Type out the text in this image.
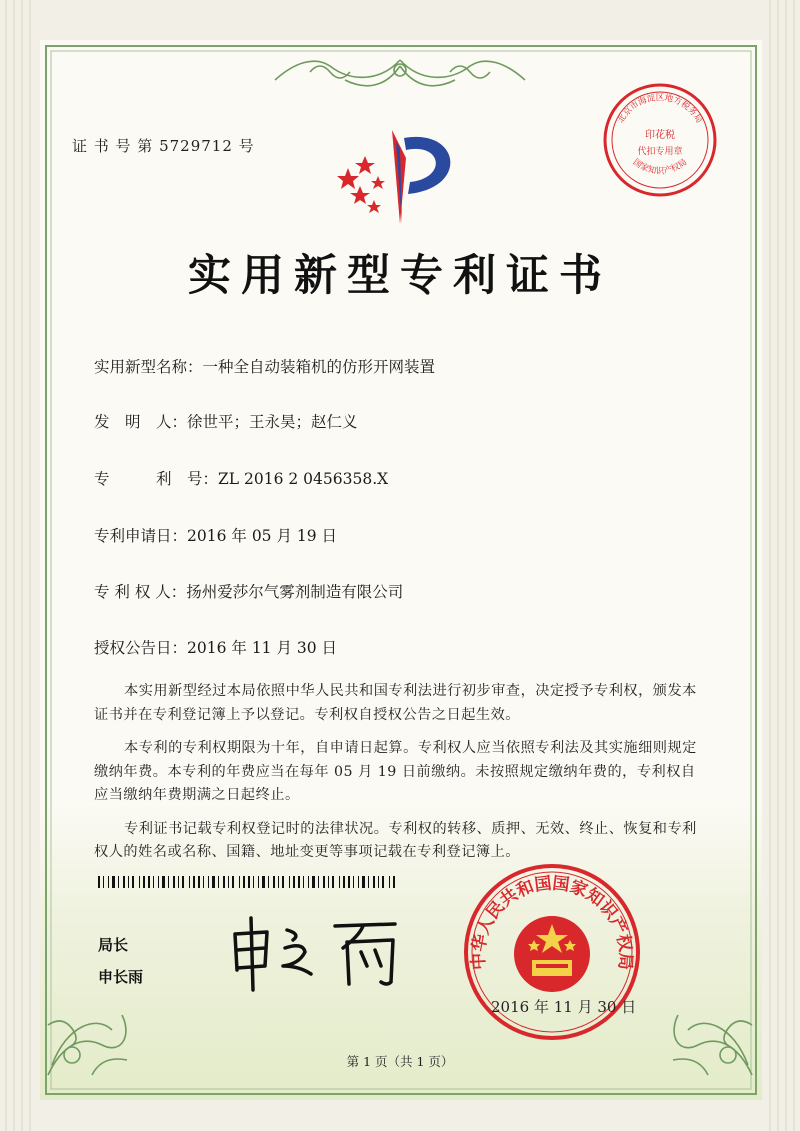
证 书 号 第 5729712 号
北京市海淀区地方税务局
印花税
代扣专用章
国家知识产权局
实用新型专利证书
实用新型名称：一种全自动装箱机的仿形开网装置
发　明　人：徐世平；王永昊；赵仁义
专　　　利　号：ZL 2016 2 0456358.X
专利申请日：2016 年 05 月 19 日
专 利 权 人：扬州爱莎尔气雾剂制造有限公司
授权公告日：2016 年 11 月 30 日

本实用新型经过本局依照中华人民共和国专利法进行初步审查，决定授予专利权，颁发本证书并在专利登记簿上予以登记。专利权自授权公告之日起生效。

本专利的专利权期限为十年，自申请日起算。专利权人应当依照专利法及其实施细则规定缴纳年费。本专利的年费应当在每年 05 月 19 日前缴纳。未按照规定缴纳年费的，专利权自应当缴纳年费期满之日起终止。

专利证书记载专利权登记时的法律状况。专利权的转移、质押、无效、终止、恢复和专利权人的姓名或名称、国籍、地址变更等事项记载在专利登记簿上。

局长
申长雨
中华人民共和国国家知识产权局
2016 年 11 月 30 日
第 1 页（共 1 页）
